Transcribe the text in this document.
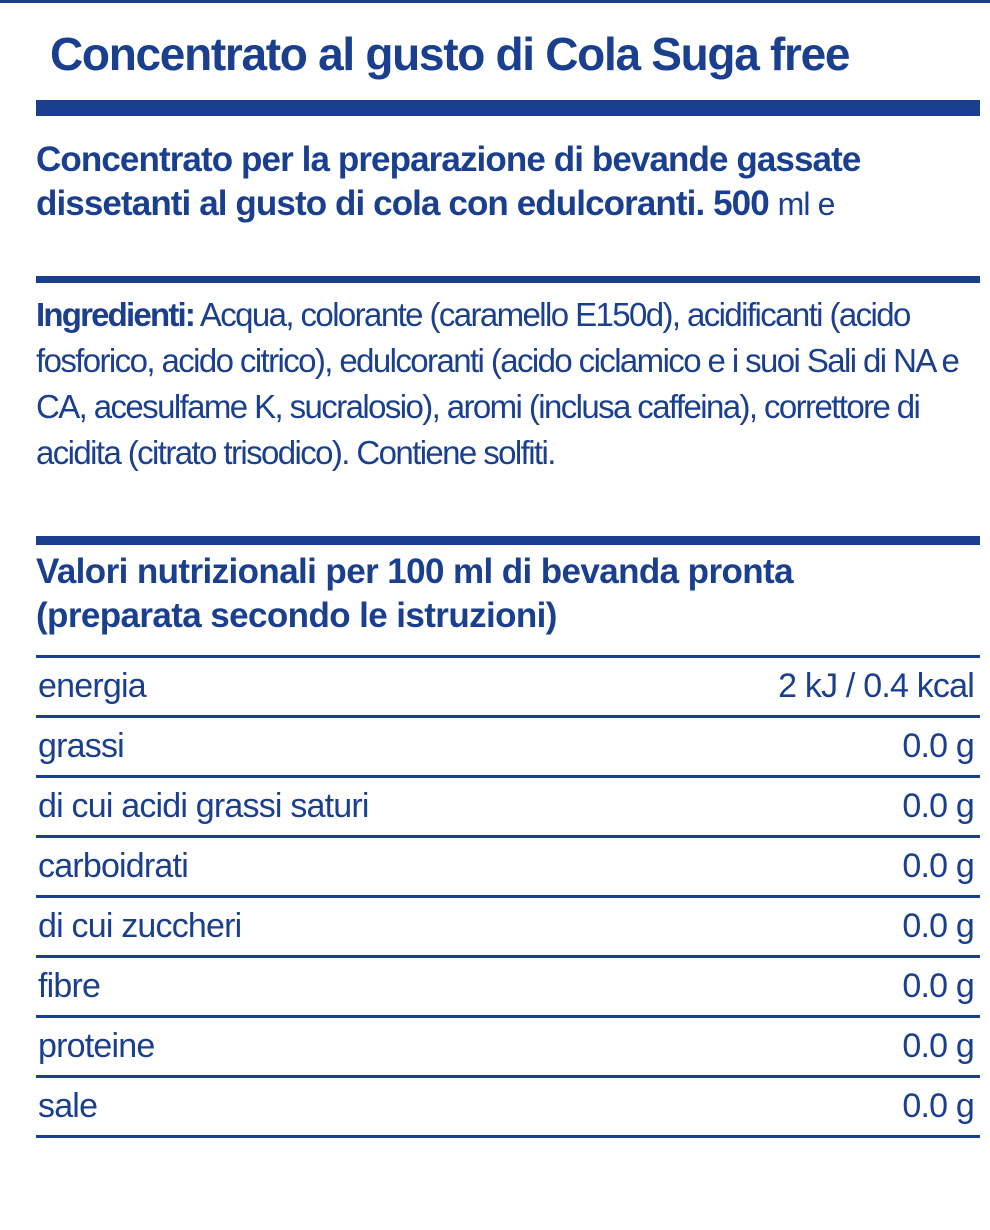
Concentrato al gusto di Cola Suga free
Concentrato per la preparazione di bevande gassate
dissetanti al gusto di cola con edulcoranti. 500 ml e
Ingredienti: Acqua, colorante (caramello E150d), acidificanti (acido fosforico, acido citrico), edulcoranti (acido ciclamico e i suoi Sali di NA e CA, acesulfame K, sucralosio), aromi (inclusa caffeina), correttore di acidita (citrato trisodico). Contiene solfiti.
Valori nutrizionali per 100 ml di bevanda pronta
(preparata secondo le istruzioni)
energia	2 kJ / 0.4 kcal
grassi	0.0 g
di cui acidi grassi saturi	0.0 g
carboidrati	0.0 g
di cui zuccheri	0.0 g
fibre	0.0 g
proteine	0.0 g
sale	0.0 g
